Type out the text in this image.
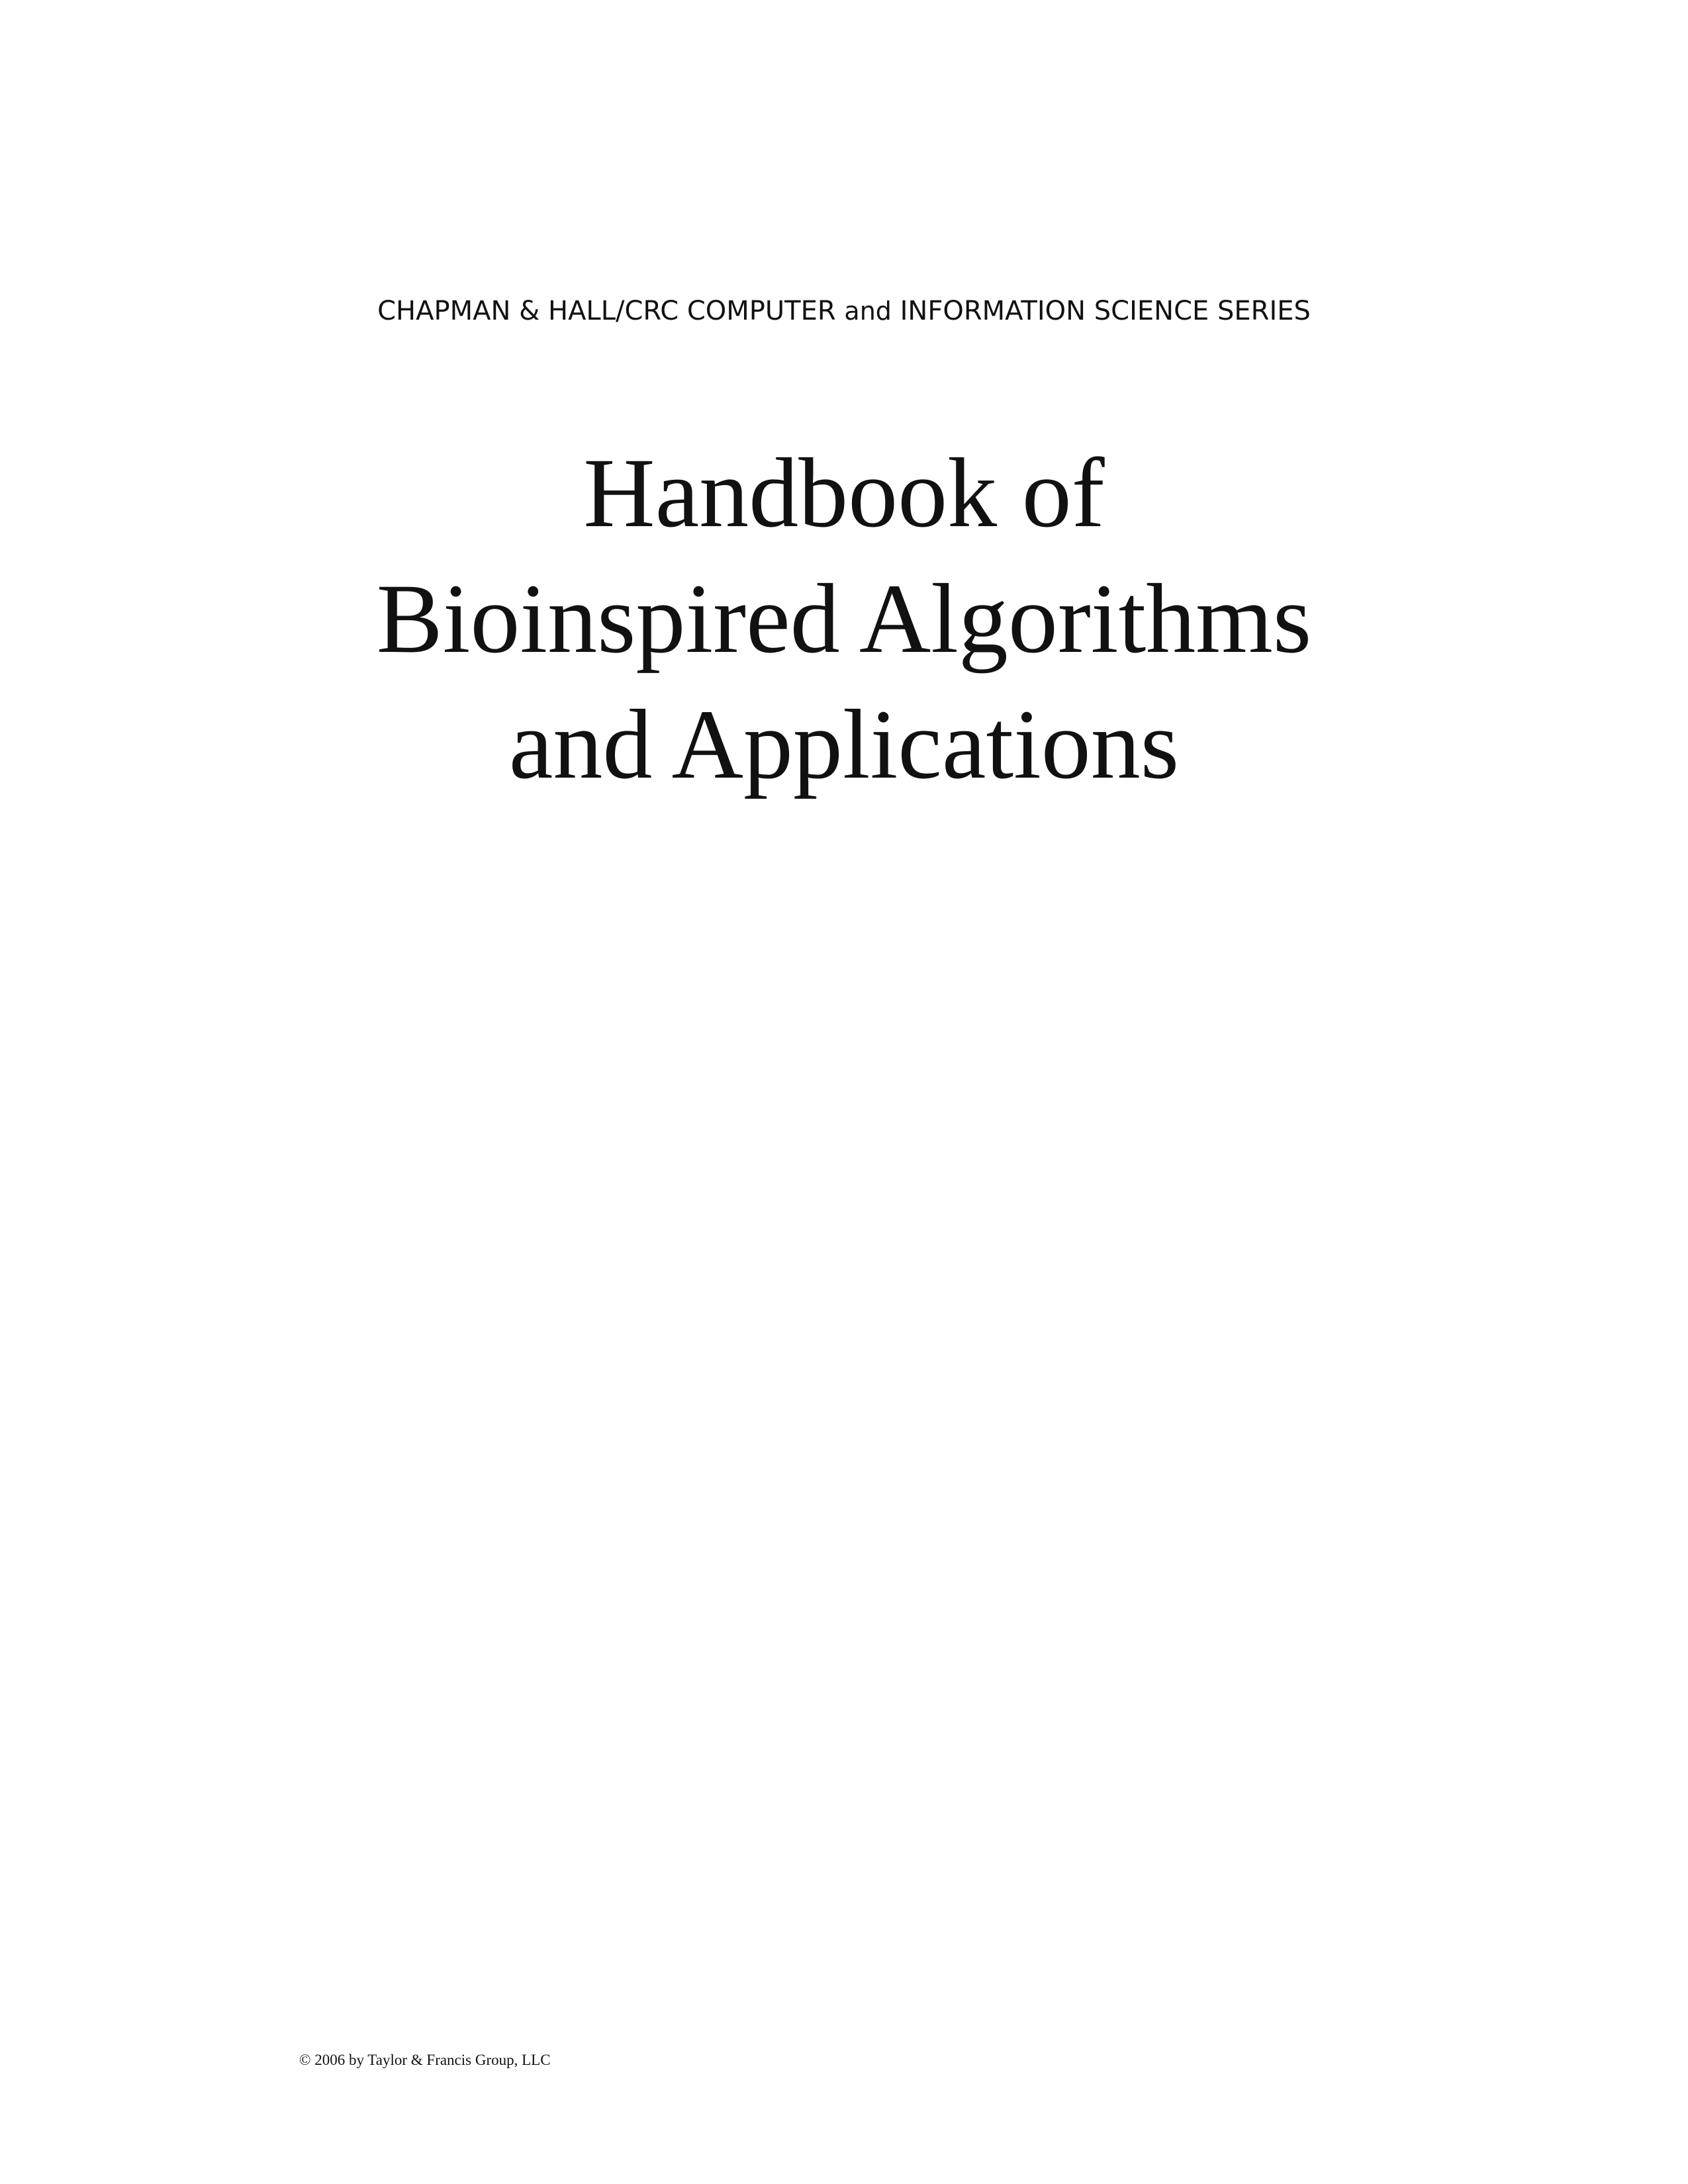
CHAPMAN & HALL/CRC COMPUTER and INFORMATION SCIENCE SERIES
Handbook of
Bioinspired Algorithms
and Applications
© 2006 by Taylor & Francis Group, LLC
